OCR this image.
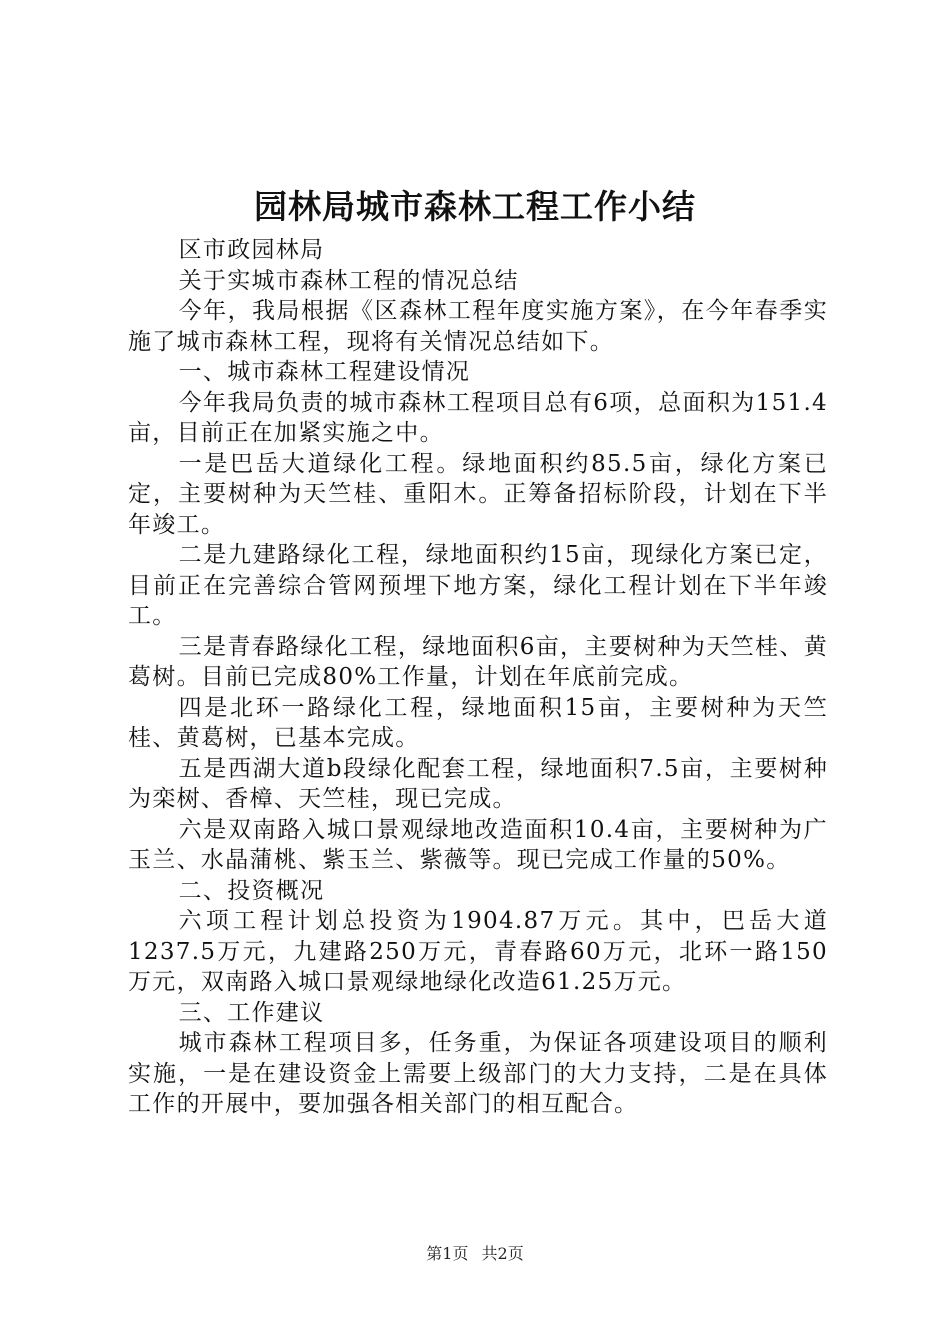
园林局城市森林工程工作小结

区市政园林局

关于实城市森林工程的情况总结

今年，我局根据《区森林工程年度实施方案》，在今年春季实施了城市森林工程，现将有关情况总结如下。

一、城市森林工程建设情况

今年我局负责的城市森林工程项目总有6项，总面积为151.4亩，目前正在加紧实施之中。

一是巴岳大道绿化工程。绿地面积约85.5亩，绿化方案已定，主要树种为天竺桂、重阳木。正筹备招标阶段，计划在下半年竣工。

二是九建路绿化工程，绿地面积约15亩，现绿化方案已定，目前正在完善综合管网预埋下地方案，绿化工程计划在下半年竣工。

三是青春路绿化工程，绿地面积6亩，主要树种为天竺桂、黄葛树。目前已完成80%工作量，计划在年底前完成。

四是北环一路绿化工程，绿地面积15亩，主要树种为天竺桂、黄葛树，已基本完成。

五是西湖大道b段绿化配套工程，绿地面积7.5亩，主要树种为栾树、香樟、天竺桂，现已完成。

六是双南路入城口景观绿地改造面积10.4亩，主要树种为广玉兰、水晶蒲桃、紫玉兰、紫薇等。现已完成工作量的50%。

二、投资概况

六项工程计划总投资为1904.87万元。其中，巴岳大道1237.5万元，九建路250万元，青春路60万元，北环一路150万元，双南路入城口景观绿地绿化改造61.25万元。

三、工作建议

城市森林工程项目多，任务重，为保证各项建设项目的顺利实施，一是在建设资金上需要上级部门的大力支持，二是在具体工作的开展中，要加强各相关部门的相互配合。

第1页 共2页
